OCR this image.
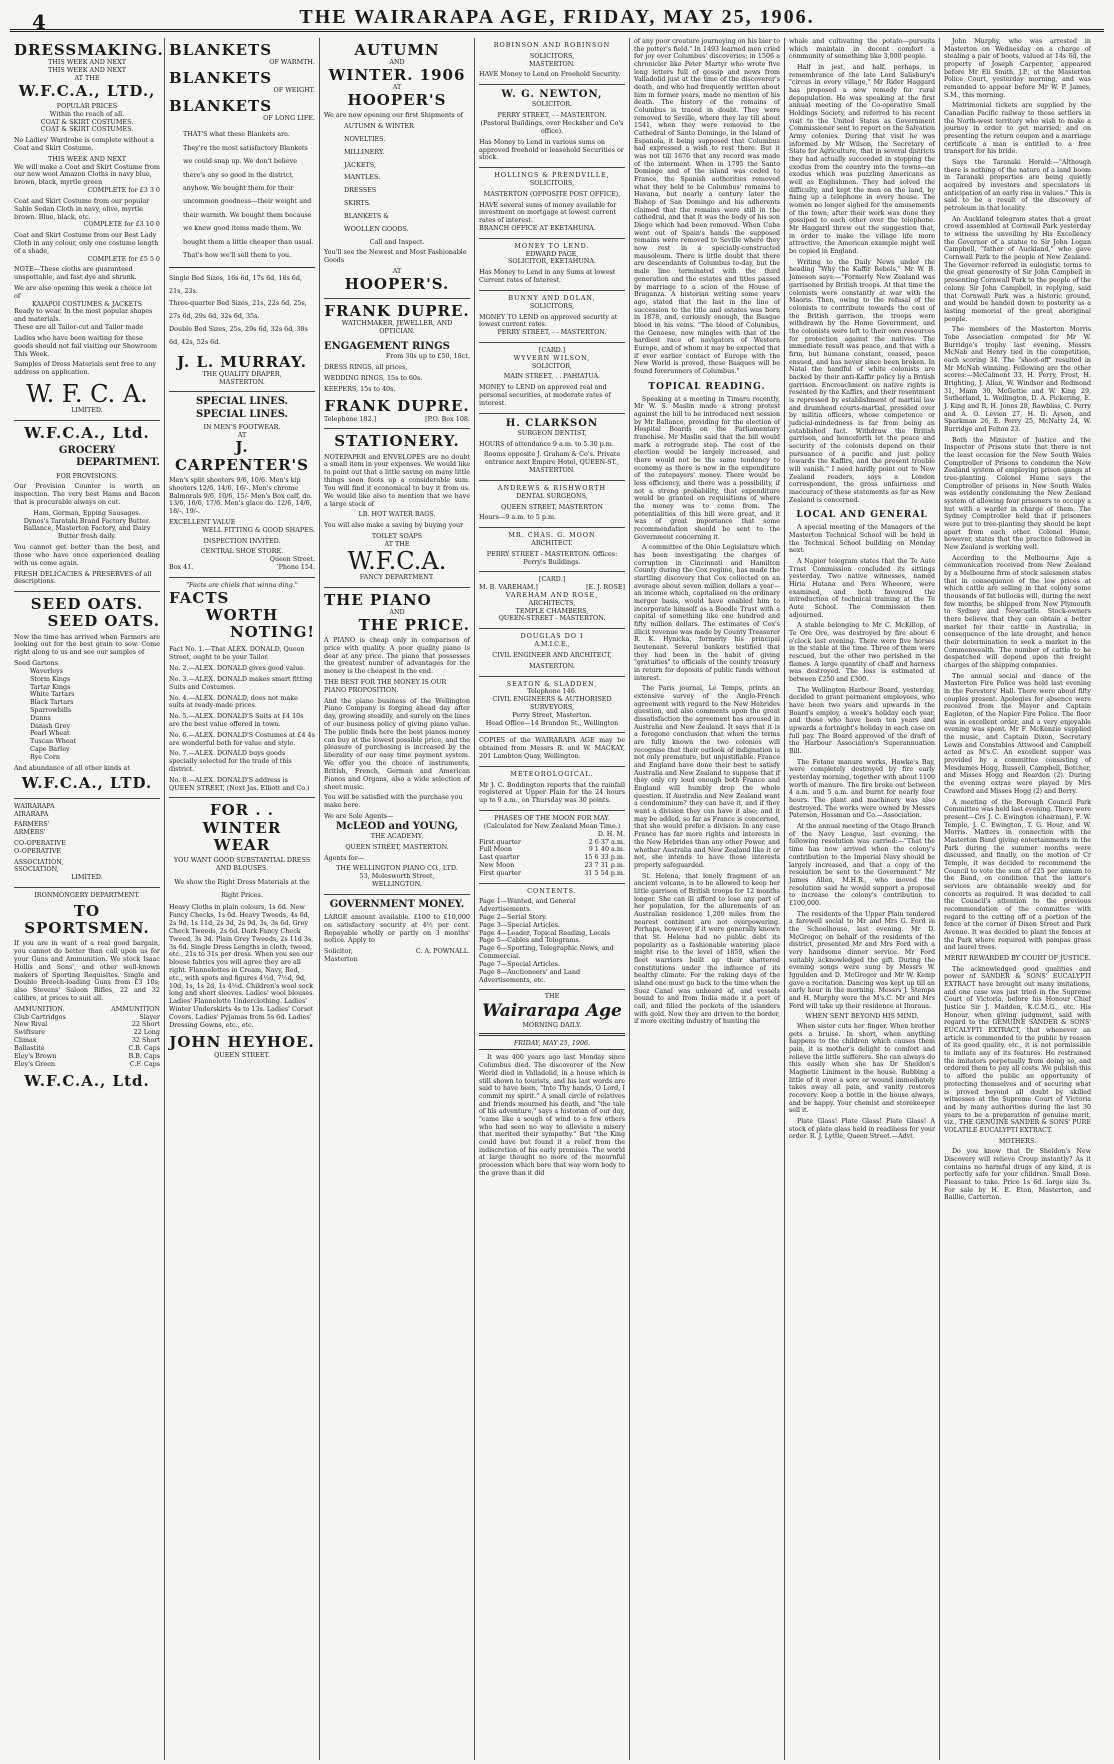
4	THE WAIRARAPA AGE, FRIDAY, MAY 25, 1906.
DRESSMAKING.
THIS WEEK AND NEXT
THIS WEEK AND NEXT
AT THE
W.F.C.A., LTD.,
POPULAR PRICES
Within the reach of all.
COAT & SKIRT COSTUMES.
COAT & SKIRT COSTUMES.
No Ladies' Wardrobe is complete without a Coat and Skirt Costume.
THIS WEEK AND NEXT
We will make a Coat and Skirt Costume from our new wool Amazon Cloths in navy blue, brown, black, myrtle green
COMPLETE for £3 3 0
Coat and Skirt Costume from our popular Sable Sedan Cloth in navy, olive, myrtle brown. Blue, black, etc.
COMPLETE for £3 10 0
Coat and Skirt Costume from our Best Lady Cloth in any colour, only one costume length of a shade,
COMPLETE for £5 5 0
NOTE—These cloths are guaranteed unspottable, and fast dye and shrunk.
We are also opening this week a choice lot of
KAIAPOI COSTUMES & JACKETS
Ready to wear. In the most popular shapes and materials.
These are all Tailor-cut and Tailor made
Ladies who have been waiting for these goods should not fail visiting our Showroom This Week.
Samples of Dress Materials sent free to any address on application.
W. F. C. A.
LIMITED.
W.F.C.A., Ltd.
GROCERY
DEPARTMENT.
FOR PROVISIONS.
Our Provision Counter is worth an inspection. The very best Hams and Bacon that is procurable always on cut.
Ham, German, Epping Sausages.
Dynes's Taratahi Brand Factory Butter.
Ballance, Masterton Factory, and Dairy Butter fresh daily.
You cannot get better than the best, and those who have once experienced dealing with us come again.
FRESH DELICACIES & PRESERVES of all descriptions.
SEED OATS.
SEED OATS.
Now the time has arrived when Farmers are looking out for the best grain to sow. Come right along to us and see our samples of
Seed Gartons
Waverleys
Storm Kings
Tartar Kings
White Tartars
Black Tartars
Sparrowbills
Dunns
Danish Grey
Pearl Wheat
Tuscan Wheat
Cape Barley
Rye Corn
And abundance of all other kinds at
W.F.C.A., LTD.
WAIRARAPA
AIRARAPA
FARMERS'
ARMERS'
CO-OPERATIVE
O-OPERATIVE
ASSOCIATION,
SSOCIATION,
LIMITED.
IRONMONGERY DEPARTMENT.
TO SPORTSMEN.
If you are in want of a real good bargain, you cannot do better than call upon us for your Guns and Ammunition. We stock Isaac Hollis and Sons', and other well-known makers of Sporting Requisites. Single and Double Breech-loading Guns from £3 10s; also Stevens' Saloon Rifles, 22 and 32 calibre, at prices to suit all.
AMMUNITION.	AMMUNITION
Club Cartridges	Slayer
New Rival	22 Short
Swiftsure	22 Long
Climax	32 Short
Ballastite	C.B. Caps
Eley's Brown	B.B. Caps
Eley's Green	C.F. Caps
W.F.C.A., Ltd.
BLANKETS
OF WARMTH.
BLANKETS
OF WEIGHT.
BLANKETS
OF LONG LIFE.
THAT'S what these Blankets are. They're the most satisfactory Blankets we could snap up. We don't believe there's any so good in the district, anyhow. We bought them for their uncommon goodness—their weight and their warmth. We bought them because we knew good items made them. We bought them a little cheaper than usual. That's how we'll sell them to you.
Single Bed Sizes, 16s 6d, 17s 6d, 18s 6d, 21s, 23s.
Three-quarter Bed Sizes, 21s, 22s 6d, 25s, 27s 6d, 29s 6d, 32s 6d, 35s.
Double Bed Sizes, 25s, 29s 6d, 32s 6d, 38s 6d, 42s, 52s 6d.
J. L. MURRAY.
THE QUALITY DRAPER,
MASTERTON.
SPECIAL LINES.
SPECIAL LINES.
IN MEN'S FOOTWEAR.
AT
J. CARPENTER'S
Men's split shooters 9/6, 10/6. Men's kip shooters 12/6, 14/6, 16/-. Men's chrome Balmorals 9/6, 10/6, 15/- Men's Box calf, do. 13/6, 16/6, 17/6. Men's glace do. 12/6, 14/6, 18/-, 19/-.
EXCELLENT VALUE
WELL FITTING & GOOD SHAPES.
INSPECTION INVITED.
CENTRAL SHOE STORE.
Queen Street.
Box 41.	'Phone 154.
"Facts are chiels that winna ding."
FACTS
WORTH
NOTING!
Fact No. 1.—That ALEX. DONALD, Queen Street, ought to be your Tailor.
No. 2.—ALEX. DONALD gives good value.
No. 3.—ALEX. DONALD makes smart fitting Suits and Costumes.
No. 4.—ALEX. DONALD, does not make suits at ready-made prices.
No. 5.—ALEX. DONALD'S Suits at £4 10s are the best value offered in town.
No. 6.—ALEX. DONALD'S Costumes at £4 4s are wonderful both for value and style.
No. 7.—ALEX. DONALD buys goods specially selected for the trade of this district.
No. 8.—ALEX. DONALD'S address is QUEEN STREET, (Next Jas. Elliott and Co.)
FOR . .
WINTER
WEAR
YOU WANT GOOD SUBSTANTIAL DRESS AND BLOUSES.
We show the Right Dress Materials at the Right Prices.
Heavy Cloths in plain colours, 1s 6d. New Fancy Checks, 1s 6d. Heavy Tweeds, 4s 6d, 2s 9d, 1s 11d, 2s 3d, 2s 9d, 3s, 3s 6d. Grey Check Tweeds, 2s 6d. Dark Fancy Check Tweed, 3s 3d. Plain Grey Tweeds, 2s 11d 3s, 3s 6d. Single Dress Lengths in cloth, tweed, etc., 21s to 31s per dress. When you see our blouse fabrics you will agree they are all right. Flannelettes in Cream, Navy, Red, etc., with spots and figures 4½d, 7½d, 9d, 10d, 1s, 1s 2d, 1s 4½d. Children's wool sock long and short sleeves. Ladies' wool blouses. Ladies' Flannelette Underclothing. Ladies' Winter Underskirts 4s to 13s. Ladies' Corset Covers. Ladies' Pyjamas from 5s 6d. Ladies' Dressing Gowns, etc., etc.
JOHN HEYHOE.
QUEEN STREET.
AUTUMN
AND
WINTER. 1906
AT
HOOPER'S
We are now opening our first Shipments of
AUTUMN & WINTER
NOVELTIES.
MILLINERY.
JACKETS,
MANTLES.
DRESSES
SKIRTS.
BLANKETS &
WOOLLEN GOODS.
Call and Inspect.
You'll see the Newest and Most Fashionable Goods
AT
HOOPER'S.
FRANK DUPRE.
WATCHMAKER, JEWELLER, AND OPTICIAN.
ENGAGEMENT RINGS
From 30s up to £50, 18ct.
DRESS RINGS, all prices,
WEDDING RINGS, 15s to 60s.
KEEPERS, 15s to 40s.
FRANK DUPRE.
Telephone 182.]	[P.O. Box 108.
STATIONERY.
NOTEPAPER and ENVELOPES are no doubt a small item in your expenses. We would like to point out that a little saving on many little things soon foots up a considerable sum. You will find it economical to buy it from us. We would like also to mention that we have a large stock of
LB. HOT WATER BAGS.
You will also make a saving by buying your
TOILET SOAPS
AT THE
W.F.C.A.
FANCY DEPARTMENT.
THE PIANO
AND
THE PRICE.
A PIANO is cheap only in comparison of price with quality. A poor quality piano is dear at any price. The piano that possesses the greatest number of advantages for the money is the cheapest in the end.
THE BEST FOR THE MONEY IS OUR PIANO PROPOSITION.
And the piano business of the Wellington Piano Company is forging ahead day after day, growing steadily, and surely on the lines of our business policy of giving piano value. The public finds here the best pianos money can buy at the lowest possible price, and the pleasure of purchasing is increased by the liberality of our easy time payment system. We offer you the choice of instruments, British, French, German and American Pianos and Organs, also a wide selection of sheet music.
You will be satisfied with the purchase you make here.
We are Sole Agents—
McLEOD and YOUNG,
THE ACADEMY.
QUEEN STREET, MASTERTON.
Agents for—
THE WELLINGTON PIANO CO., LTD.
53, Molesworth Street,
WELLINGTON.
GOVERNMENT MONEY.
LARGE amount available. £100 to £10,000 on satisfactory security at 4½ per cent. Repayable wholly or partly on 3 months' notice. Apply to
Solicitor,	C. A. POWNALL.
Masterton
ROBINSON AND ROBINSON
SOLICITORS,
MASTERTON.
HAVE Money to Lend on Freehold Security.
W. G. NEWTON,
SOLICITOR.
PERRY STREET, - - MASTERTON.
(Pastoral Buildings, over Hecksher and Co's office).
Has Money to Lend in various sums on approved freehold or leasehold Securities or stock.
HOLLINGS & PRENDVILLE,
SOLICITORS,
MASTERTON (OPPOSITE POST OFFICE),
HAVE several sums of money available for investment on mortgage at lowest current rates of interest.
BRANCH OFFICE AT EKETAHUNA.
MONEY TO LEND.
EDWARD PAGE,
SOLICITOR, EKETAHUNA.
Has Money to Lend in any Sums at lowest Current rates of Interest.
BUNNY AND DOLAN,
SOLICITORS,
MONEY TO LEND on approved security at lowest current rates.
PERRY STREET, - - MASTERTON.
[CARD.]
WYVERN WILSON,
SOLICITOR,
MAIN STREET, . . PAHIATUA.
MONEY to LEND on approved real and personal securities, at moderate rates of interest.
H. CLARKSON
SURGEON DENTIST,
HOURS of attendance 9 a.m. to 5.30 p.m.
Rooms opposite J. Graham & Co's. Private entrance next Empire Hotel, QUEEN-ST., MASTERTON.
ANDREWS & RISHWORTH
DENTAL SURGEONS,
QUEEN STREET, MASTERTON
Hours—9 a.m. to 5 p.m.
MR. CHAS. G. MOON
ARCHITECT.
PERRY STREET - MASTERTON. Offices: Perry's Buildings.
[CARD.]
M. B. VAREHAM.]	[E. J. ROSE]
VAREHAM AND ROSE,
ARCHITECTS,
TEMPLE CHAMBERS,
QUEEN-STREET - MASTERTON.
DOUGLAS DO I
A.M.I.C.E.,
CIVIL ENGINEER AND ARCHITECT,
MASTERTON.
SEATON & SLADDEN,
Telephone 146.
CIVIL ENGINEERS & AUTHORISED SURVEYORS,
Perry Street, Masterton.
Head Office—14 Brandon St., Wellington
COPIES of the WAIRARAPA AGE may be obtained from Messrs R. and W. MACKAY, 201 Lambton Quay, Wellington.
METEOROLOGICAL.
Mr J. C. Boddington reports that the rainfall registered at Upper Plain for the 24 hours up to 9 a.m., on Thursday was 30 points.
PHASES OF THE MOON FOR MAY.
(Calculated for New Zealand Mean Time.)
D. H. M.
First quarter	2 6 37 a.m.
Full Moon	9 1 40 a.m.
Last quarter	15 6 33 p.m.
New Moon	23 7 31 p.m.
First quarter	31 5 54 p.m.
CONTENTS.
Page 1—Wanted, and General Advertisements.
Page 2—Serial Story.
Page 3—Special Articles.
Page 4—Leader, Topical Reading, Locals
Page 5—Cables and Telegrams.
Page 6—Sporting, Telegraphic News, and Commercial.
Page 7—Special Articles.
Page 8—Auctioneers' and Land Advertisements, etc.
THE
Wairarapa Age
MORNING DAILY.
FRIDAY, MAY 25, 1906.

It was 400 years ago last Monday since Columbus died. The discoverer of the New World died in Valladolid, in a house which is still shown to tourists, and his last words are said to have been, "Into Thy hands, O Lord, I commit my spirit." A small circle of relatives and friends mourned his death, and "the tale of his adventure," says a historian of our day, "came like a sough of wind to a few others who had seen no way to alleviate a misery that merited their sympathy." But "the King could have but found it a relief from the indiscretion of his early promises. The world at large thought no more of the mournful procession which bore that way worn body to the grave than it did

of any poor creature journeying on his bier to the potter's field." In 1493 learned men cried for joy over Columbus' discoveries; in 1506 a chronicler like Peter Martyr who wrote five long letters full of gossip and news from Valladolid just at the time of the discoverer's death, and who had frequently written about him in former years, made no mention of his death. The history of the remains of Columbus is traced in doubt. They were removed to Seville, where they lay till about 1541, when they were removed to the Cathedral of Santo Domingo, in the Island of Espanola, it being supposed that Columbus had expressed a wish to rest there. But it was not till 1676 that any record was made of the interment. When in 1795 the Santo Domingo and of the island was ceded to France, the Spanish authorities removed what they held to be Columbus' remains to Havana, but nearly a century later the Bishop of San Domingo and his adherents claimed that the remains were still in the cathedral, and that it was the body of his son Diego which had been removed. When Cuba went out of Spain's hands the supposed remains were removed to Seville where they now rest in a specially-constructed mausoleum. There is little doubt that there are descendants of Columbus to-day, but the male line terminated with the third generation and the estates and titles passed by marriage to a scion of the House of Braganza. A historian writing some years ago, stated that the last in the line of succession to the title and estates was born in 1878, and, curiously enough, the Basque blood in his veins. "The blood of Columbus, the Genoese, now mingles with that of the hardiest race of navigators of Western Europe, and of whom it may be expected that if ever earlier contact of Europe with the New World is proved, these Basques will be found forerunners of Columbus."

TOPICAL READING.

Speaking at a meeting in Timaru recently, Mr W. S. Maslin made a strong protest against the bill to be introduced next session by Mr Ballance, providing for the election of Hospital Boards on the Parliamentary franchise. Mr Maslin said that the bill would mark a retrograde step. The cost of the election would be largely increased, and there would not be the same tendency to economy as there is now in the expenditure of the ratepayers' money. There would be less efficiency, and there was a possibility, if not a strong probability, that expenditure would be granted on requisitions of where the money was to come from. The potentialities of this bill were great, and it was of great importance that some recommendation should be sent to the Government concerning it.

A committee of the Ohio Legislature which has been investigating the charges of corruption in Cincinnati and Hamilton County during the Cox regime, has made the startling discovery that Cox collected on an average about seven million dollars a year—an income which, capitalised on the ordinary merger basis, would have enabled him to incorporate himself as a Boodle Trust with a capital of something like one hundred and fifty million dollars. The estimates of Cox's illicit revenue was made by County Treasurer R. K. Hynicka, formerly his principal lieutenant. Several bankers testified that they had been in the habit of giving "gratuities" to officials of the county treasury in return for deposits of public funds without interest.

The Paris journal, Le Temps, prints an extensive survey of the Anglo-French agreement with regard to the New Hebrides question, and also comments upon the great dissatisfaction the agreement has aroused in Australia and New Zealand. It says that it is a foregone conclusion that when the terms are fully known the two colonies will recognise that their outlook of indignation is not only premature, but unjustifiable. France and England have done their best to satisfy Australia and New Zealand to suppose that if they only cry loud enough both France and England will humbly drop the whole question. If Australia and New Zealand want a condominium? they can have it, and if they want a division they can have it also; and it may be added, so far as France is concerned, that she would prefer a division. In any case France has far more rights and interests in the New Hebrides than any other Power, and whether Australia and New Zealand like it or not, she intends to have those interests properly safeguarded.

St. Helena, that lonely fragment of an ancient volcano, is to be allowed to keep her little garrison of British troops for 12 months longer. She can ill afford to lose any part of her population, for the allurements of an Australian residence 1,200 miles from the nearest continent are not overpowering. Perhaps, however, if it were generally known that St. Helena had no public debt its popularity as a fashionable watering place might rise to the level of 1859, when the fleet warriors built up their shattered constitutions under the influence of its healthy climate. For the raking days of the island one must go back to the time when the Suez Canal was unheard of, and vessels bound to and from India made it a port of call, and filled the pockets of the islanders with gold. Now they are driven to the border, if more exciting industry of hunting the

whale and cultivating the potato—pursuits which maintain in decent comfort a community of something like 3,000 people.

Half in jest, and half, perhaps, in remembrance of the late Lord Salisbury's "circus in every village," Mr Rider Haggard has proposed a new remedy for rural depopulation. He was speaking at the first annual meeting of the Co-operative Small Holdings Society, and referred to his recent visit to the United States as Government Commissioner sent to report on the Salvation Army colonies. During that visit he was informed by Mr Wilson, the Secretary of State for Agriculture, that in several districts they had actually succeeded in stopping the exodus from the country into the towns—an exodus which was puzzling Americans as well as Englishmen. They had solved the difficulty, and kept the men on the land, by fixing up a telephone in every house. The women no longer sighed for the amusements of the town; after their work was done they gossiped to each other over the telephone. Mr Haggard threw out the suggestion that, in order to make the village life more attractive, the American example might well be copied in England.

Writing to the Daily News under the heading "Why the Kaffir Rebels," Mr W. B. Jameson says:—"Formerly New Zealand was garrisoned by British troops. At that time the colonists were constantly at war with the Maoris. Then, owing to the refusal of the colonists to contribute towards the cost of the British garrison, the troops were withdrawn by the Home Government, and the colonists were left to their own resources for protection against the natives. The immediate result was peace, and that with a firm, but humane constant, ceased, peace ensued, and has never since been broken. In Natal the handful of white colonists are backed by their anti-Kaffir policy by a British garrison. Encroachment on native rights is resented by the Kaffirs, and their resentment is repressed by establishment of martial law and drumhead courts-martial, presided over by militia officers, whose competence or judicial-mindedness is far from being an established fact. Withdraw the British garrison, and henceforth let the peace and security of the colonists depend on their pursuance of a pacific and just policy towards the Kaffirs, and the present trouble will vanish." I need hardly point out to New Zealand readers, says a London correspondent, the gross unfairness and inaccuracy of these statements as far as New Zealand is concerned.

LOCAL AND GENERAL

A special meeting of the Managers of the Masterton Technical School will be held in the Technical School building on Monday next.

A Napier telegram states that the Te Aute Trust Commission concluded its sittings yesterday. Two native witnesses, named Hiria Hutana and Pera Wheeore, were examined, and both favoured the introduction of technical training at the Te Aute School. The Commission then adjourned.

A stable belonging to Mr C. McKillop, of Te Ore Ore, was destroyed by fire about 6 o'clock last evening. There were five horses in the stable at the time. Three of them were rescued, but the other two perished in the flames. A large quantity of chaff and harness was destroyed. The loss is estimated at between £250 and £300.

The Wellington Harbour Board, yesterday, decided to grant permanent employees, who have been two years and upwards in the Board's employ, a week's holiday each year, and those who have been ten years and upwards a fortnight's holiday in each case on full pay. The Board approved of the draft of the Harbour Association's Superannuation Bill.

The Fetane manure works, Hawke's Bay, were completely destroyed by fire early yesterday morning, together with about 1100 worth of manure. The fire broke out between 4 a.m. and 5 a.m. and burnt for nearly four hours. The plant and machinery was also destroyed. The works were owned by Messrs Paterson, Hossman and Co.—Association.

At the annual meeting of the Otago Branch of the Navy League, last evening, the following resolution was carried:—"That the time has now arrived when the colony's contribution to the Imperial Navy should be largely increased, and that a copy of the resolution be sent to the Government." Mr James Allen, M.H.R., who moved the resolution said he would support a proposal to increase the colony's contribution to £100,000.

The residents of the Upper Plain tendered a farewell social to Mr and Mrs G. Ford in the Schoolhouse, last evening. Mr D. McGregor, on behalf of the residents of the district, presented Mr and Mrs Ford with a very handsome dinner service. Mr Ford suitably acknowledged the gift. During the evening songs were sung by Messrs W. Iggulden and D. McGregor and Mr W. Kemp gave a recitation. Dancing was kept up till an early hour in the morning. Messrs J. Stempa and H. Murphy were the M's.C. Mr and Mrs Ford will take up their residence at Ihuraua.

WHEN SENT BEYOND HIS MIND.

When sister cuts her finger. When brother gets a bruise. In short, when anything happens to the children which causes them pain, it is mother's delight to comfort and relieve the little sufferers. She can always do this easily when she has Dr Sheldon's Magnetic Liniment in the house. Rubbing a little of it over a sore or wound immediately takes away all pain, and vanity restores recovery. Keep a bottle in the house always, and be happy. Your chemist and storekeeper sell it.

Plate Glass! Plate Glass! Plate Glass! A stock of plate glass held in readiness for your order. R. J. Lyttle, Queen Street.—Advt.

John Murphy, who was arrested in Masterton on Wednesday on a charge of stealing a pair of boots, valued at 14s 6d, the property of Joseph Carpenter, appeared before Mr Eli Smith, J.P., at the Masterton Police Court, yesterday morning, and was remanded to appear before Mr W. P. James, S.M., this morning.

Matrimonial tickets are supplied by the Canadian Pacific railway to those settlers in the North-west territory who wish to make a journey in order to get married; and on presenting the return coupon and a marriage certificate a man is entitled to a free transport for his bride.

Says the Taranaki Herald:—"Although there is nothing of the nature of a land boom in Taranaki properties are being quietly acquired by investors and speculators in anticipation of an early rise in values." This is said to be a result of the discovery of petroleum in that locality.

An Auckland telegram states that a great crowd assembled at Cornwall Park yesterday to witness the unveiling by His Excellency the Governor of a statue to Sir John Logan Campbell, "father of Auckland," who gave Cornwall Park to the people of New Zealand. The Governor referred in eulogistic terms to the great generosity of Sir John Campbell in presenting Cornwall Park to the people of the colony. Sir John Campbell, in replying, said that Cornwall Park was a historic ground, and would be handed down to posterity as a lasting memorial of the great aboriginal people.

The members of the Masterton Morris Tobe Association competed for Mr W. Burridge's trophy last evening. Messrs McNab and Henry tied in the competition, each scoring 34. The "shoot-off" resulted in Mr McNab winning. Following are the other scores:—McCalmont 33, H. Perry, Frost, H. Brighting, J. Allan, W. Windsor and Redmond 31, Mann 30, McGettie and W. King 29, Sutherland, L. Wellington, D. A. Pickering, E. J. King and R. H. Jones 28, Rawbliss, C. Perry and A. O. Levien 27, H. D. Ayson, and Sparkman 26, E. Perry 25, McNatty 24, W. Burridge and Felton 23.

Both the Minister of Justice and the Inspector of Prisons state that there is not the least occasion for the New South Wales Comptroller of Prisons to condemn the New Zealand system of employing prison gangs at tree-planting. Colonel Hume says the Comptroller of prisons in New South Wales was evidently condemning the New Zealand system of allowing four prisoners to occupy a hut with a warder in charge of them. The Sydney Comptroller held that if prisoners were put to tree-planting they should be kept apart from each other. Colonel Hume, however, states that the practice followed in New Zealand is working well.

According to the Melbourne Age a communication received from New Zealand by a Melbourne firm of stock salesmen states that in consequence of the low prices at which cattle are selling in that colony some thousands of fat bullocks will, during the next few months, be shipped from New Plymouth to Sydney and Newcastle. Stock-owners there believe that they can obtain a better market for their cattle in Australia, in consequence of the late drought, and hence their determination to seek a market in the Commonwealth. The number of cattle to be despatched will depend upon the freight charges of the shipping companies.

The annual social and dance of the Masterton Fire Police was held last evening in the Foresters' Hall. There were about fifty couples present. Apologies for absence were received from the Mayor and Captain Eagleton, of the Napier Fire Police. The floor was in excellent order, and a very enjoyable evening was spent. Mr F. McKenzie supplied the music, and Captain Dixon, Secretary Lewis and Constables Attwood and Campbell acted as M's.C. An excellent supper was provided by a committee consisting of Mesdames Hogg, Russell, Campbell, Botcher, and Misses Hogg and Reardon (2). During the evening extras were played by Mrs Crawford and Misses Hogg (2) and Berry.

A meeting of the Borough Council Park Committee was held last evening. There were present—Crs J. C. Ewington (chairman), F. W. Temple, J. C. Ewington, T. G. Hour, and W. Morris. Matters in connection with the Masterton Band giving entertainments in the Park during the summer months were discussed, and finally, on the motion of Cr Temple, it was decided to recommend the Council to vote the sum of £25 per annum to the Band, on condition that the latter's services are obtainable weekly and for concerts as required. It was decided to call the Council's attention to the previous recommendation of the committee with regard to the cutting off of a portion of the fence at the corner of Dixon Street and Park Avenue. It was decided to plant the fences at the Park where required with pampas grass and laurel trees.

MERIT REWARDED BY COURT OF JUSTICE.

The acknowledged good qualities and power of SANDER & SONS' EUCALYPTI EXTRACT have brought out many imitations, and one case was just tried in the Supreme Court of Victoria, before his Honour Chief Justice Sir J. Madden, K.C.M.G., etc. His Honour, when giving judgment, said with regard to the GENUINE SANDER & SONS' EUCALYPTI EXTRACT, that whenever an article is commended to the public by reason of its good quality, etc., it is not permissible to imitate any of its features. He restrained the imitators perpetually from doing so, and ordered them to pay all costs. We publish this to afford the public an opportunity of protecting themselves and of securing what is proved beyond all doubt by skilled witnesses at the Supreme Court of Victoria and by many authorities during the last 30 years to be a preparation of genuine merit, viz., THE GENUINE SANDER & SONS' PURE VOLATILE EUCALYPTI EXTRACT.

MOTHERS.

Do you know that Dr Sheldon's New Discovery will relieve Croup instantly? As it contains no harmful drugs of any kind, it is perfectly safe for your children. Small Dose. Pleasant to take. Price 1s 6d. large size 3s. For sale by H. E. Eton, Masterton, and Baillie, Carterton.
